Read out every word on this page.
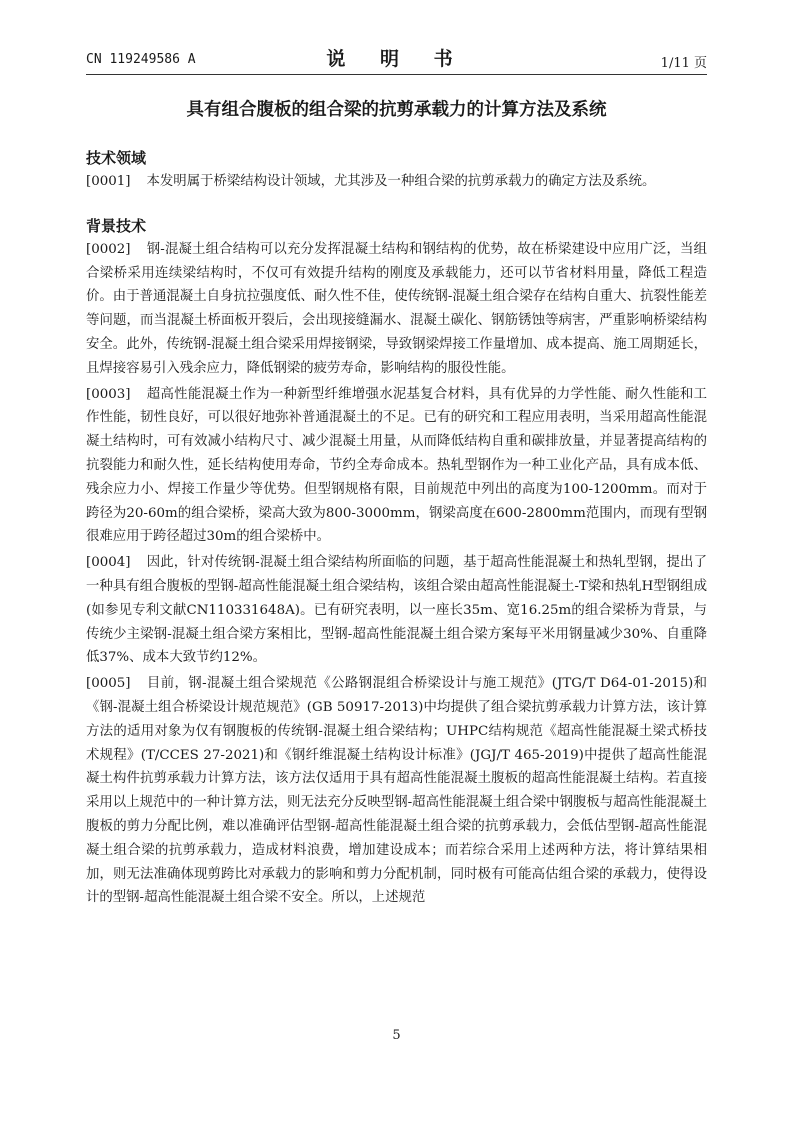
CN 119249586 A	说 明 书	1/11 页
具有组合腹板的组合梁的抗剪承载力的计算方法及系统

技术领域

[0001] 本发明属于桥梁结构设计领域，尤其涉及一种组合梁的抗剪承载力的确定方法及系统。

背景技术

[0002] 钢-混凝土组合结构可以充分发挥混凝土结构和钢结构的优势，故在桥梁建设中应用广泛，当组合梁桥采用连续梁结构时，不仅可有效提升结构的刚度及承载能力，还可以节省材料用量，降低工程造价。由于普通混凝土自身抗拉强度低、耐久性不佳，使传统钢-混凝土组合梁存在结构自重大、抗裂性能差等问题，而当混凝土桥面板开裂后，会出现接缝漏水、混凝土碳化、钢筋锈蚀等病害，严重影响桥梁结构安全。此外，传统钢-混凝土组合梁采用焊接钢梁，导致钢梁焊接工作量增加、成本提高、施工周期延长，且焊接容易引入残余应力，降低钢梁的疲劳寿命，影响结构的服役性能。

[0003] 超高性能混凝土作为一种新型纤维增强水泥基复合材料，具有优异的力学性能、耐久性能和工作性能，韧性良好，可以很好地弥补普通混凝土的不足。已有的研究和工程应用表明，当采用超高性能混凝土结构时，可有效减小结构尺寸、减少混凝土用量，从而降低结构自重和碳排放量，并显著提高结构的抗裂能力和耐久性，延长结构使用寿命，节约全寿命成本。热轧型钢作为一种工业化产品，具有成本低、残余应力小、焊接工作量少等优势。但型钢规格有限，目前规范中列出的高度为100-1200mm。而对于跨径为20-60m的组合梁桥，梁高大致为800-3000mm，钢梁高度在600-2800mm范围内，而现有型钢很难应用于跨径超过30m的组合梁桥中。

[0004] 因此，针对传统钢-混凝土组合梁结构所面临的问题，基于超高性能混凝土和热轧型钢，提出了一种具有组合腹板的型钢-超高性能混凝土组合梁结构，该组合梁由超高性能混凝土-T梁和热轧H型钢组成(如参见专利文献CN110331648A)。已有研究表明，以一座长35m、宽16.25m的组合梁桥为背景，与传统少主梁钢-混凝土组合梁方案相比，型钢-超高性能混凝土组合梁方案每平米用钢量减少30%、自重降低37%、成本大致节约12%。

[0005] 目前，钢-混凝土组合梁规范《公路钢混组合桥梁设计与施工规范》(JTG/T D64-01-2015)和《钢-混凝土组合桥梁设计规范规范》(GB 50917-2013)中均提供了组合梁抗剪承载力计算方法，该计算方法的适用对象为仅有钢腹板的传统钢-混凝土组合梁结构；UHPC结构规范《超高性能混凝土梁式桥技术规程》(T/CCES 27-2021)和《钢纤维混凝土结构设计标准》(JGJ/T 465-2019)中提供了超高性能混凝土构件抗剪承载力计算方法，该方法仅适用于具有超高性能混凝土腹板的超高性能混凝土结构。若直接采用以上规范中的一种计算方法，则无法充分反映型钢-超高性能混凝土组合梁中钢腹板与超高性能混凝土腹板的剪力分配比例，难以准确评估型钢-超高性能混凝土组合梁的抗剪承载力，会低估型钢-超高性能混凝土组合梁的抗剪承载力，造成材料浪费，增加建设成本；而若综合采用上述两种方法，将计算结果相加，则无法准确体现剪跨比对承载力的影响和剪力分配机制，同时极有可能高估组合梁的承载力，使得设计的型钢-超高性能混凝土组合梁不安全。所以，上述规范

5
